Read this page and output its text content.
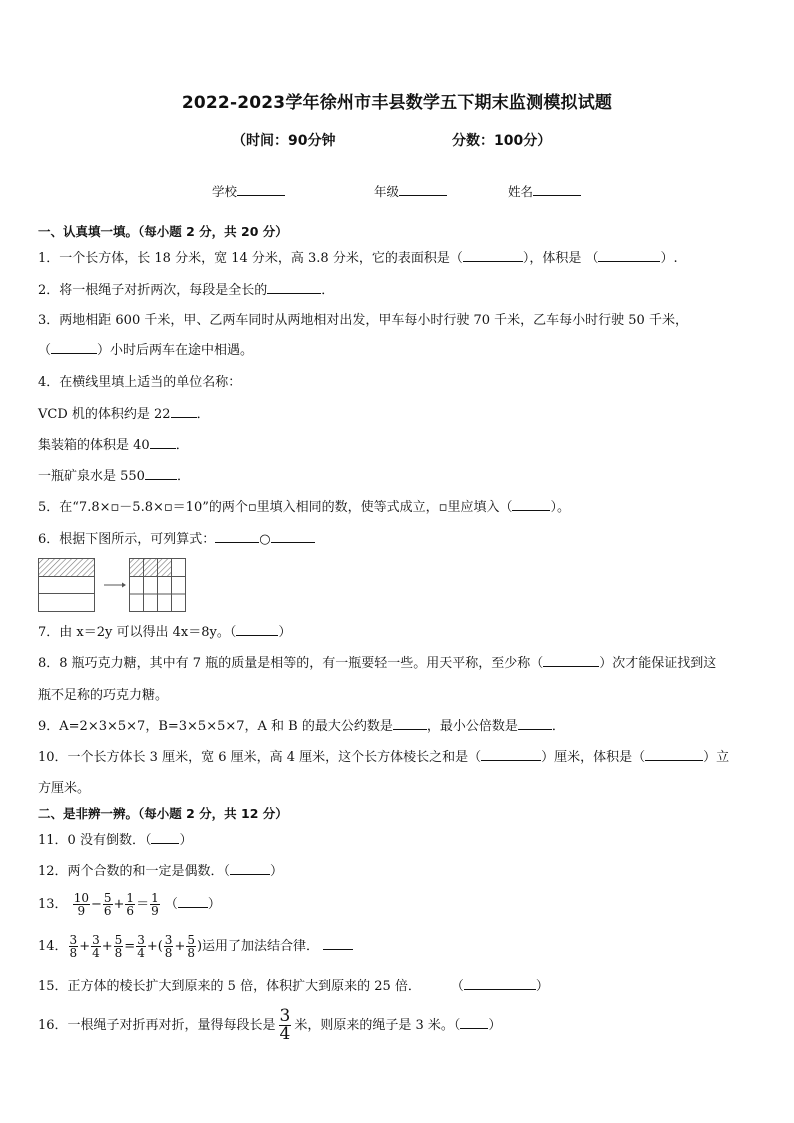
2022-2023学年徐州市丰县数学五下期末监测模拟试题
（时间：90分钟	分数：100分）
学校	年级	姓名
一、认真填一填。（每小题 2 分，共 20 分）
1．一个长方体，长 18 分米，宽 14 分米，高 3.8 分米，它的表面积是（	），体积是 （	）.
2．将一根绳子对折两次，每段是全长的	．
3．两地相距 600 千米，甲、乙两车同时从两地相对出发，甲车每小时行驶 70 千米，乙车每小时行驶 50 千米，
（	）小时后两车在途中相遇。
4．在横线里填上适当的单位名称：
VCD 机的体积约是 22 ．
集装箱的体积是 40 ．
一瓶矿泉水是 550 ．
5．在“7.8×▫－5.8×▫＝10”的两个▫里填入相同的数，使等式成立，▫里应填入（	）。
6．根据下图所示，可列算式：	○
7．由 x＝2y 可以得出 4x＝8y。（	）
8．8 瓶巧克力糖，其中有 7 瓶的质量是相等的，有一瓶要轻一些。用天平称，至少称（	）次才能保证找到这
瓶不足称的巧克力糖。
9．A=2×3×5×7，B=3×5×5×7，A 和 B 的最大公约数是	，最小公倍数是	．
10．一个长方体长 3 厘米，宽 6 厘米，高 4 厘米，这个长方体棱长之和是（	）厘米，体积是（	）立
方厘米。
二、是非辨一辨。（每小题 2 分，共 12 分）
11．0 没有倒数．（ ）
12．两个合数的和一定是偶数．（	）
13． $\frac{10}{9} - \frac{5}{6} + \frac{1}{6} = \frac{1}{9}$ （ ）
14． $\frac{3}{8} + \frac{3}{4} + \frac{5}{8} = \frac{3}{4}$ +( $\frac{3}{8} + \frac{5}{8}$ )运用了加法结合律．
15．正方体的棱长扩大到原来的 5 倍，体积扩大到原来的 25 倍． （	）
16．一根绳子对折再对折，量得每段长是 $\frac{3}{4}$ 米，则原来的绳子是 3 米。（ ）
